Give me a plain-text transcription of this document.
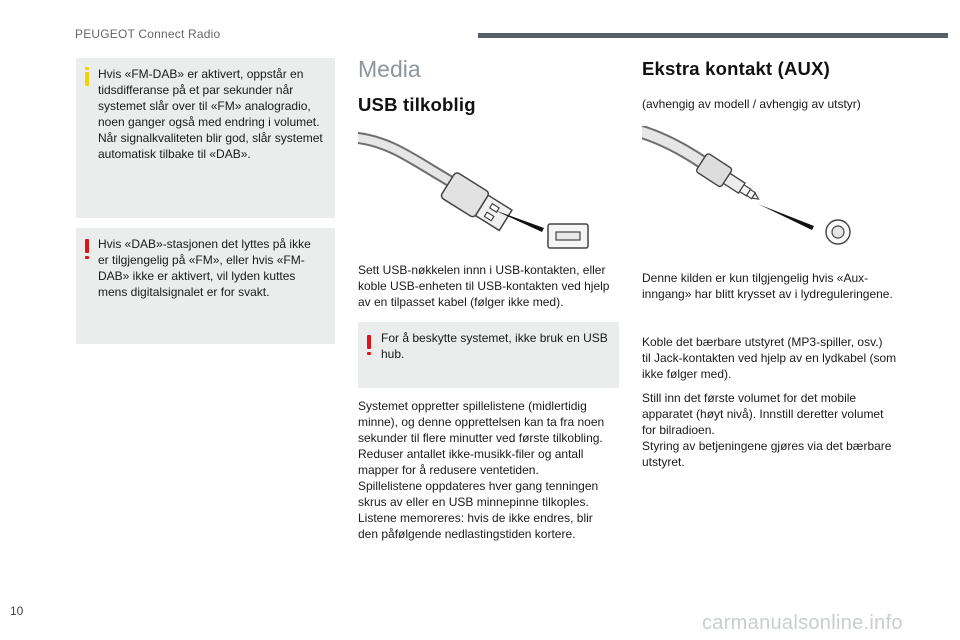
PEUGEOT Connect Radio

Hvis «FM-DAB» er aktivert, oppstår en

tidsdifferanse på et par sekunder når

systemet slår over til «FM» analogradio,

noen ganger også med endring i volumet.

Når signalkvaliteten blir god, slår systemet

automatisk tilbake til «DAB».

Hvis «DAB»-stasjonen det lyttes på ikke

er tilgjengelig på «FM», eller hvis «FM-

DAB» ikke er aktivert, vil lyden kuttes

mens digitalsignalet er for svakt.

Media
USB tilkoblig
Sett USB-nøkkelen innn i USB-kontakten, eller
koble USB-enheten til USB-kontakten ved hjelp
av en tilpasset kabel (følger ikke med).

For å beskytte systemet, ikke bruk en USB

hub.

Systemet oppretter spillelistene (midlertidig
minne), og denne opprettelsen kan ta fra noen
sekunder til flere minutter ved første tilkobling.
Reduser antallet ikke-musikk-filer og antall
mapper for å redusere ventetiden.
Spillelistene oppdateres hver gang tenningen
skrus av eller en USB minnepinne tilkoples.
Listene memoreres: hvis de ikke endres, blir
den påfølgende nedlastingstiden kortere.
Ekstra kontakt (AUX)
(avhengig av modell / avhengig av utstyr)
Denne kilden er kun tilgjengelig hvis «Aux-
inngang» har blitt krysset av i lydreguleringene.
Koble det bærbare utstyret (MP3-spiller, osv.)
til Jack-kontakten ved hjelp av en lydkabel (som
ikke følger med).
Still inn det første volumet for det mobile
apparatet (høyt nivå). Innstill deretter volumet
for bilradioen.
Styring av betjeningene gjøres via det bærbare
utstyret.
10
carmanualsonline.info
